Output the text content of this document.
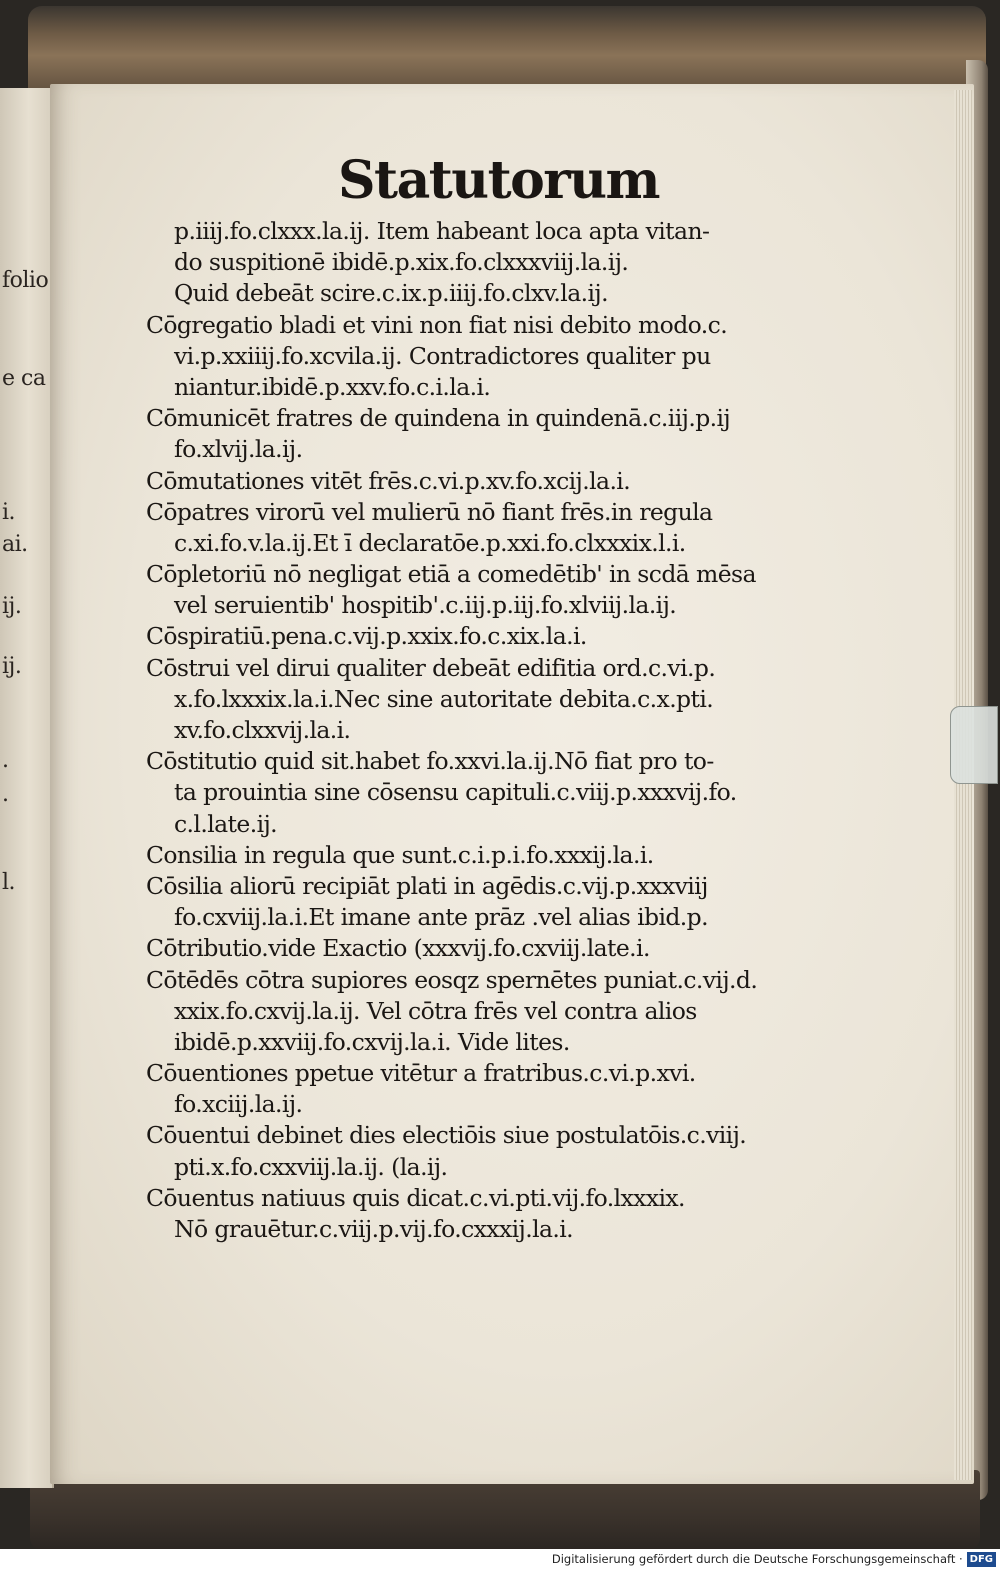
folio
e ca
i.
ai.
ij.
ij.
.
.
l.
Statutorum
p.iiij.fo.clxxx.la.ij. Item habeant loca apta vitan-
do suspitionē ibidē.p.xix.fo.clxxxviij.la.ij.
Quid debeāt scire.c.ix.p.iiij.fo.clxv.la.ij.
Cōgregatio bladi et vini non fiat nisi debito modo.c.
vi.p.xxiiij.fo.xcvila.ij. Contradictores qualiter pu
niantur.ibidē.p.xxv.fo.c.i.la.i.
Cōmunicēt fratres de quindena in quindenā.c.iij.p.ij
fo.xlvij.la.ij.
Cōmutationes vitēt frēs.c.vi.p.xv.fo.xcij.la.i.
Cōpatres virorū vel mulierū nō fiant frēs.in regula
c.xi.fo.v.la.ij.Et ī declaratōe.p.xxi.fo.clxxxix.l.i.
Cōpletoriū nō negligat etiā a comedētib' in scdā mēsa
vel seruientib' hospitib'.c.iij.p.iij.fo.xlviij.la.ij.
Cōspiratiū.pena.c.vij.p.xxix.fo.c.xix.la.i.
Cōstrui vel dirui qualiter debeāt edifitia ord.c.vi.p.
x.fo.lxxxix.la.i.Nec sine autoritate debita.c.x.pti.
xv.fo.clxxvij.la.i.
Cōstitutio quid sit.habet fo.xxvi.la.ij.Nō fiat pro to-
ta prouintia sine cōsensu capituli.c.viij.p.xxxvij.fo.
c.l.late.ij.
Consilia in regula que sunt.c.i.p.i.fo.xxxij.la.i.
Cōsilia aliorū recipiāt plati in agēdis.c.vij.p.xxxviij
fo.cxviij.la.i.Et imane ante prāz .vel alias ibid.p.
Cōtributio.vide Exactio (xxxvij.fo.cxviij.late.i.
Cōtēdēs cōtra supiores eosqz spernētes puniat.c.vij.d.
xxix.fo.cxvij.la.ij. Vel cōtra frēs vel contra alios
ibidē.p.xxviij.fo.cxvij.la.i. Vide lites.
Cōuentiones ppetue vitētur a fratribus.c.vi.p.xvi.
fo.xciij.la.ij.
Cōuentui debinet dies electiōis siue postulatōis.c.viij.
pti.x.fo.cxxviij.la.ij. (la.ij.
Cōuentus natiuus quis dicat.c.vi.pti.vij.fo.lxxxix.
Nō grauētur.c.viij.p.vij.fo.cxxxij.la.i.
Digitalisierung gefördert durch die Deutsche Forschungsgemeinschaft · DFG
